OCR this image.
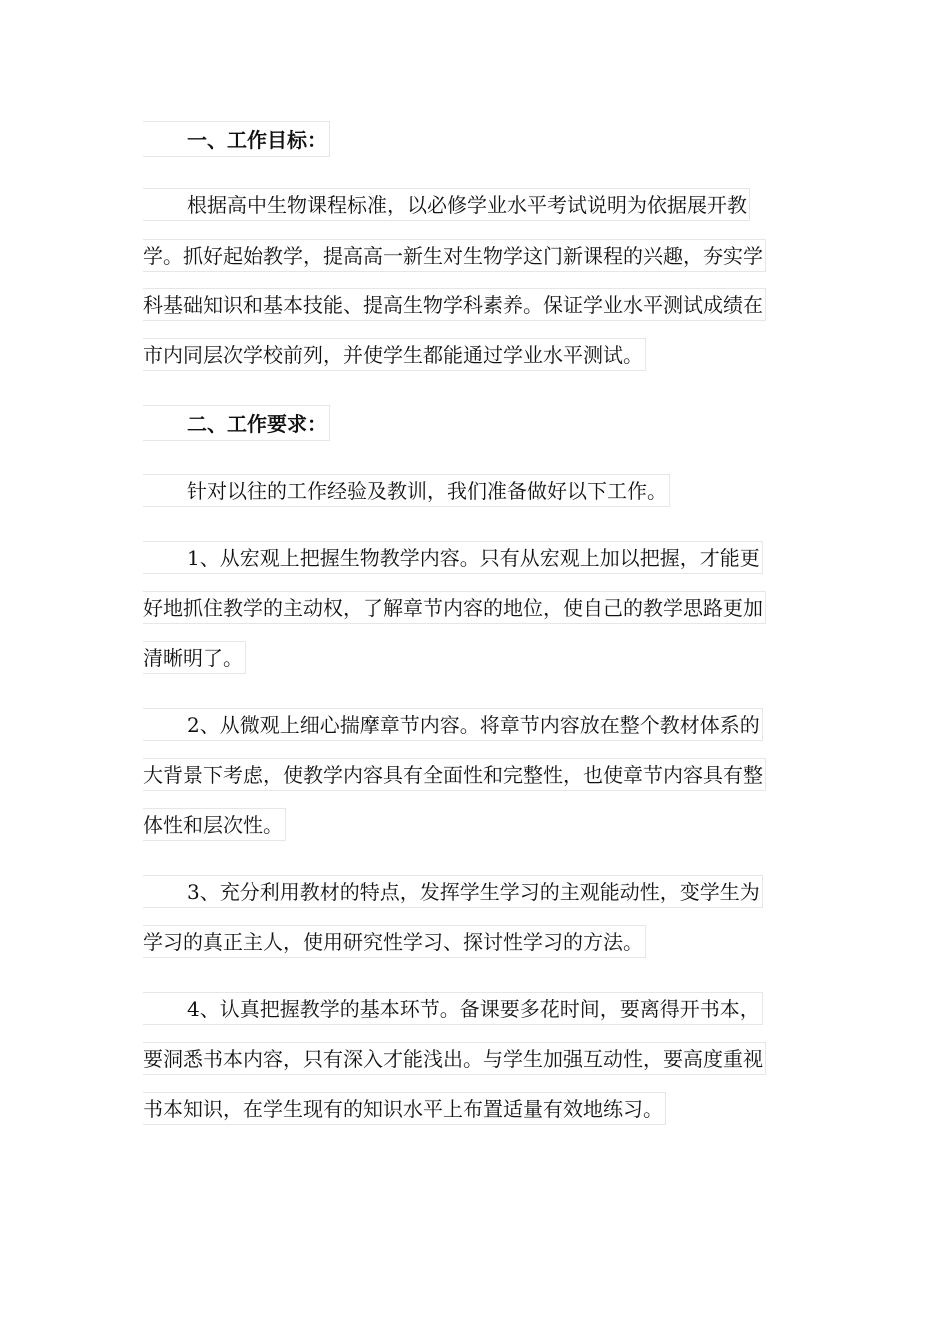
一、工作目标：
根据高中生物课程标准，以必修学业水平考试说明为依据展开教
学。抓好起始教学，提高高一新生对生物学这门新课程的兴趣，夯实学
科基础知识和基本技能、提高生物学科素养。保证学业水平测试成绩在
市内同层次学校前列，并使学生都能通过学业水平测试。
二、工作要求：
针对以往的工作经验及教训，我们准备做好以下工作。
1、从宏观上把握生物教学内容。只有从宏观上加以把握，才能更
好地抓住教学的主动权，了解章节内容的地位，使自己的教学思路更加
清晰明了。
2、从微观上细心揣摩章节内容。将章节内容放在整个教材体系的
大背景下考虑，使教学内容具有全面性和完整性，也使章节内容具有整
体性和层次性。
3、充分利用教材的特点，发挥学生学习的主观能动性，变学生为
学习的真正主人，使用研究性学习、探讨性学习的方法。
4、认真把握教学的基本环节。备课要多花时间，要离得开书本，
要洞悉书本内容，只有深入才能浅出。与学生加强互动性，要高度重视
书本知识，在学生现有的知识水平上布置适量有效地练习。
